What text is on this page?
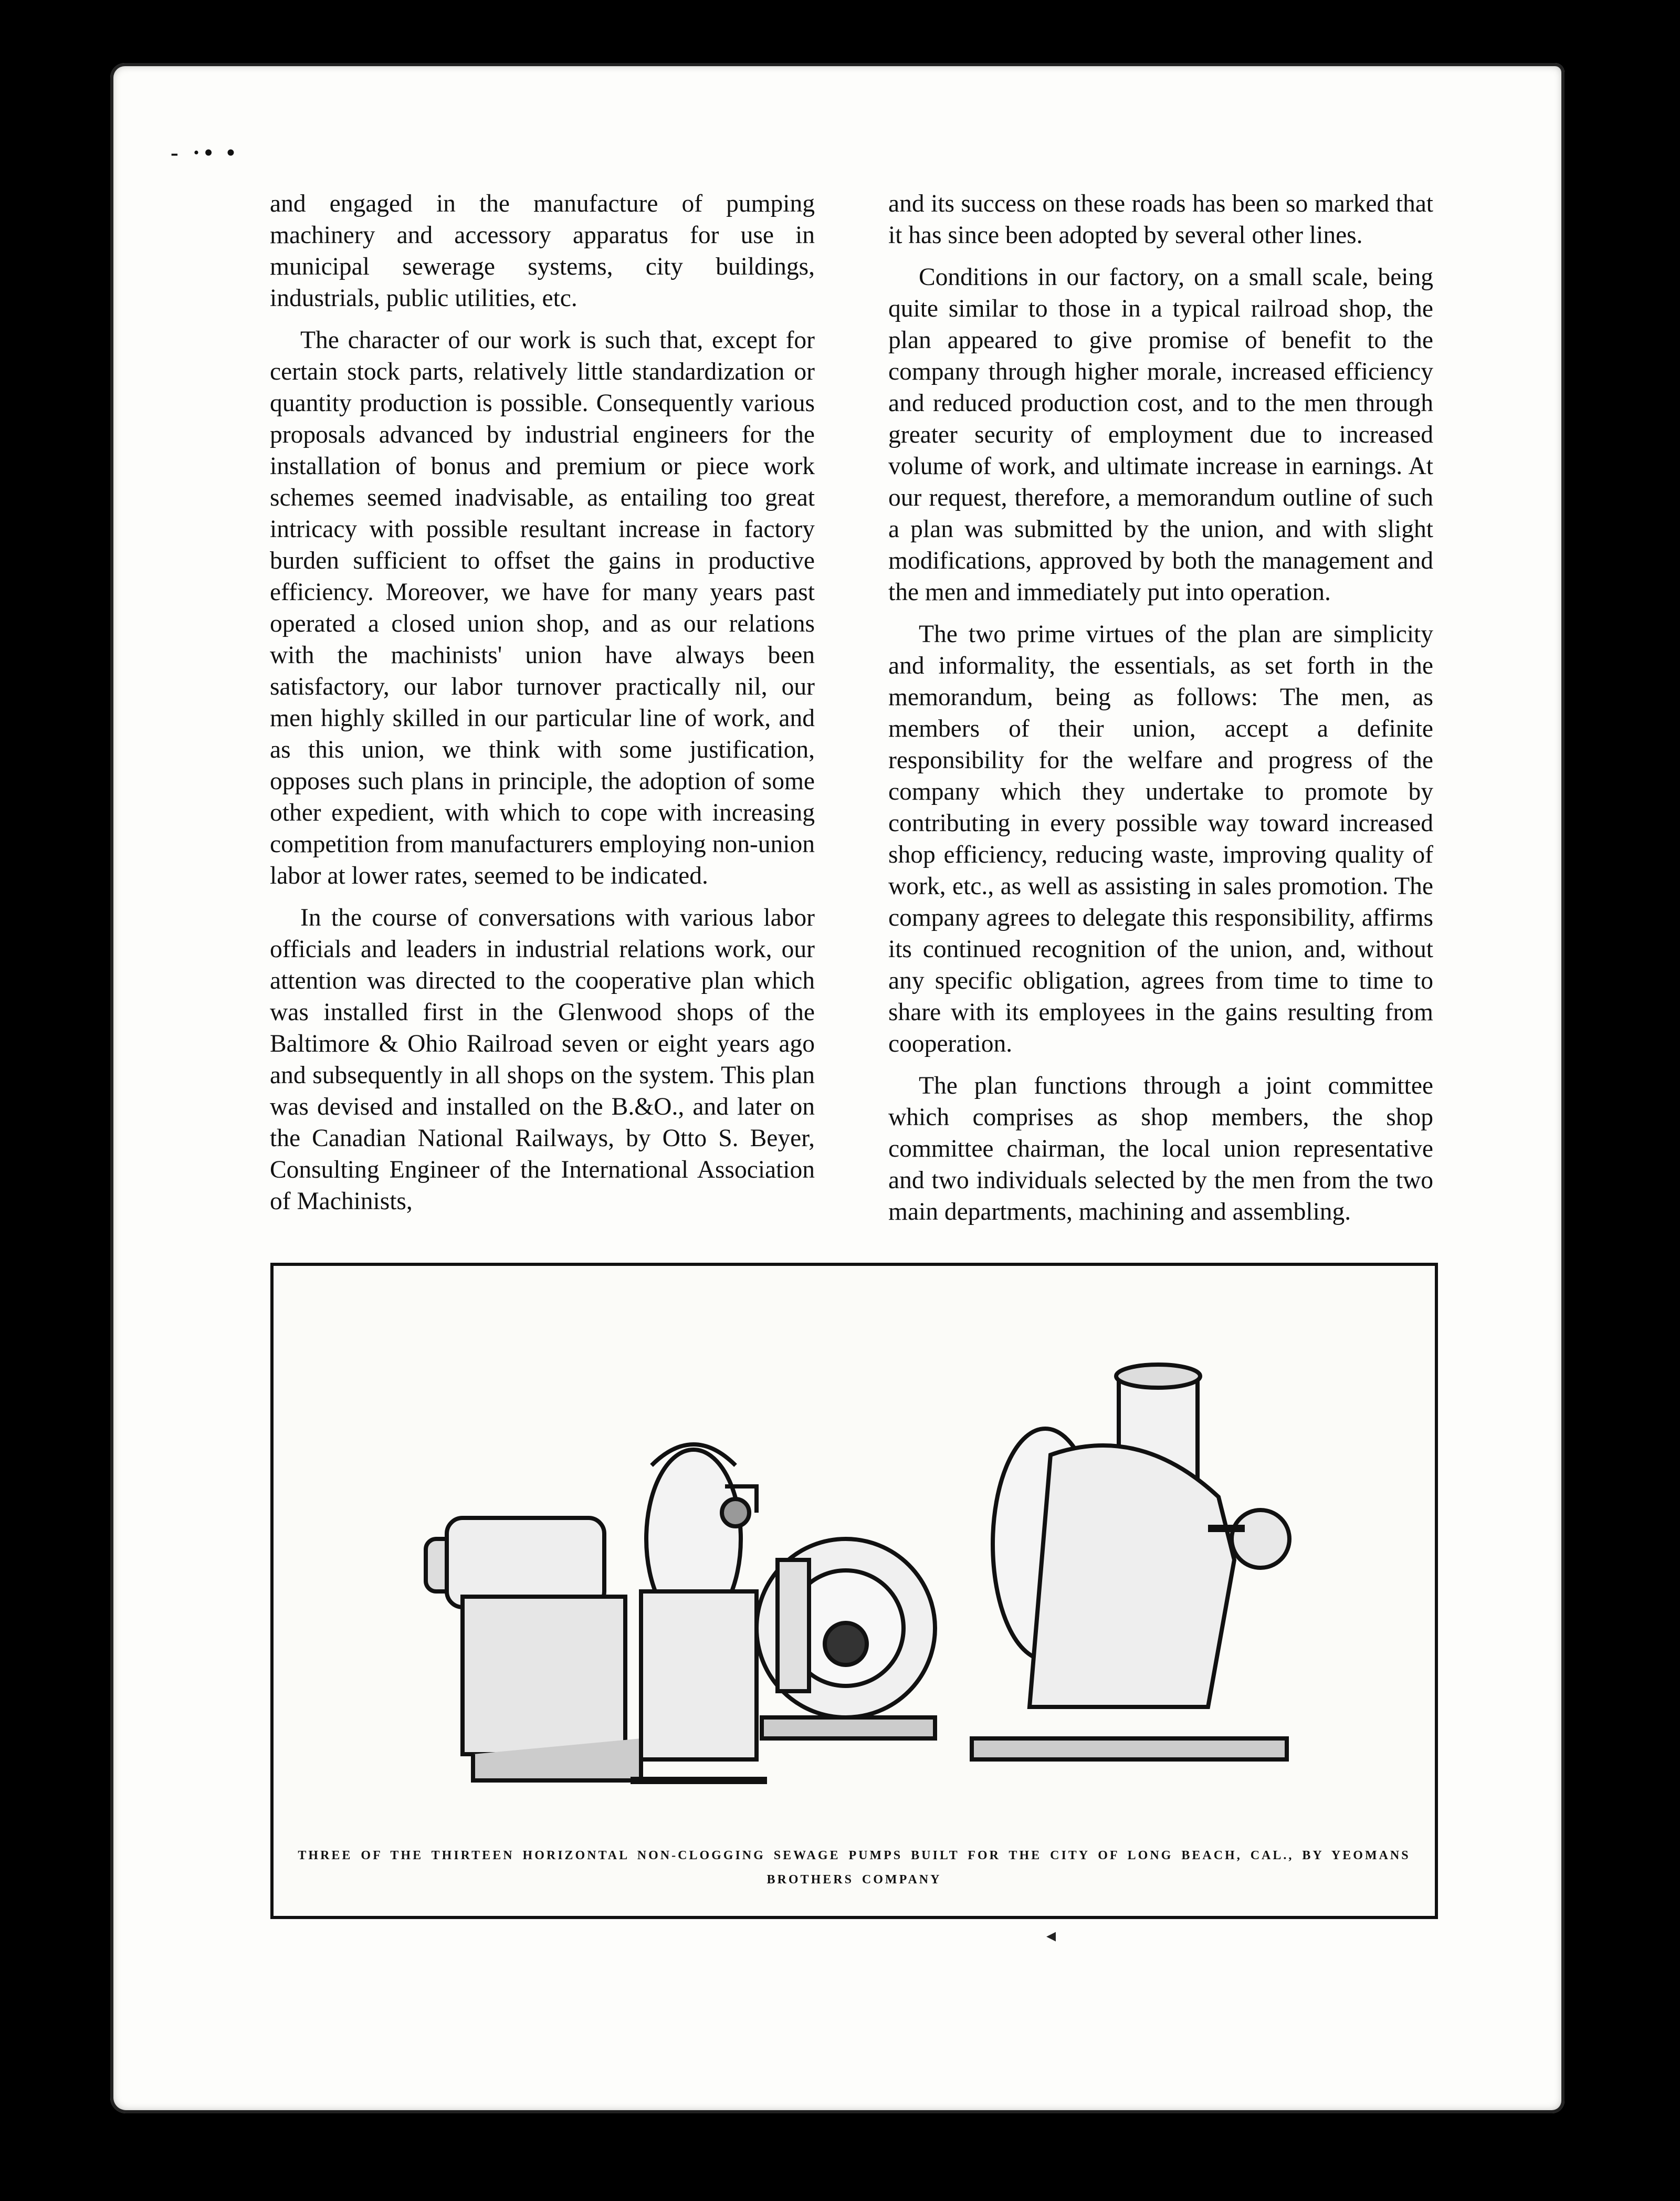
- ·• •

and engaged in the manufacture of pumping machinery and accessory apparatus for use in municipal sewerage systems, city buildings, industrials, public utilities, etc.

The character of our work is such that, except for certain stock parts, relatively little standardization or quantity production is possible. Consequently various proposals advanced by industrial engineers for the installation of bonus and premium or piece work schemes seemed inadvisable, as entailing too great intricacy with possible resultant increase in factory burden sufficient to offset the gains in productive efficiency. Moreover, we have for many years past operated a closed union shop, and as our relations with the machinists' union have always been satisfactory, our labor turnover practically nil, our men highly skilled in our particular line of work, and as this union, we think with some justification, opposes such plans in principle, the adoption of some other expedient, with which to cope with increasing competition from manufacturers employing non-union labor at lower rates, seemed to be indicated.

In the course of conversations with various labor officials and leaders in industrial relations work, our attention was directed to the cooperative plan which was installed first in the Glenwood shops of the Baltimore & Ohio Railroad seven or eight years ago and subsequently in all shops on the system. This plan was devised and installed on the B.&O., and later on the Canadian National Railways, by Otto S. Beyer, Consulting Engineer of the International Association of Machinists,

and its success on these roads has been so marked that it has since been adopted by several other lines.

Conditions in our factory, on a small scale, being quite similar to those in a typical railroad shop, the plan appeared to give promise of benefit to the company through higher morale, increased efficiency and reduced production cost, and to the men through greater security of employment due to increased volume of work, and ultimate increase in earnings. At our request, therefore, a memorandum outline of such a plan was submitted by the union, and with slight modifications, approved by both the management and the men and immediately put into operation.

The two prime virtues of the plan are simplicity and informality, the essentials, as set forth in the memorandum, being as follows: The men, as members of their union, accept a definite responsibility for the welfare and progress of the company which they undertake to promote by contributing in every possible way toward increased shop efficiency, reducing waste, improving quality of work, etc., as well as assisting in sales promotion. The company agrees to delegate this responsibility, affirms its continued recognition of the union, and, without any specific obligation, agrees from time to time to share with its employees in the gains resulting from cooperation.

The plan functions through a joint committee which comprises as shop members, the shop committee chairman, the local union representative and two individuals selected by the men from the two main departments, machining and assembling.

THREE OF THE THIRTEEN HORIZONTAL NON-CLOGGING SEWAGE PUMPS BUILT FOR THE CITY OF LONG BEACH, CAL., BY YEOMANS BROTHERS COMPANY
◂
